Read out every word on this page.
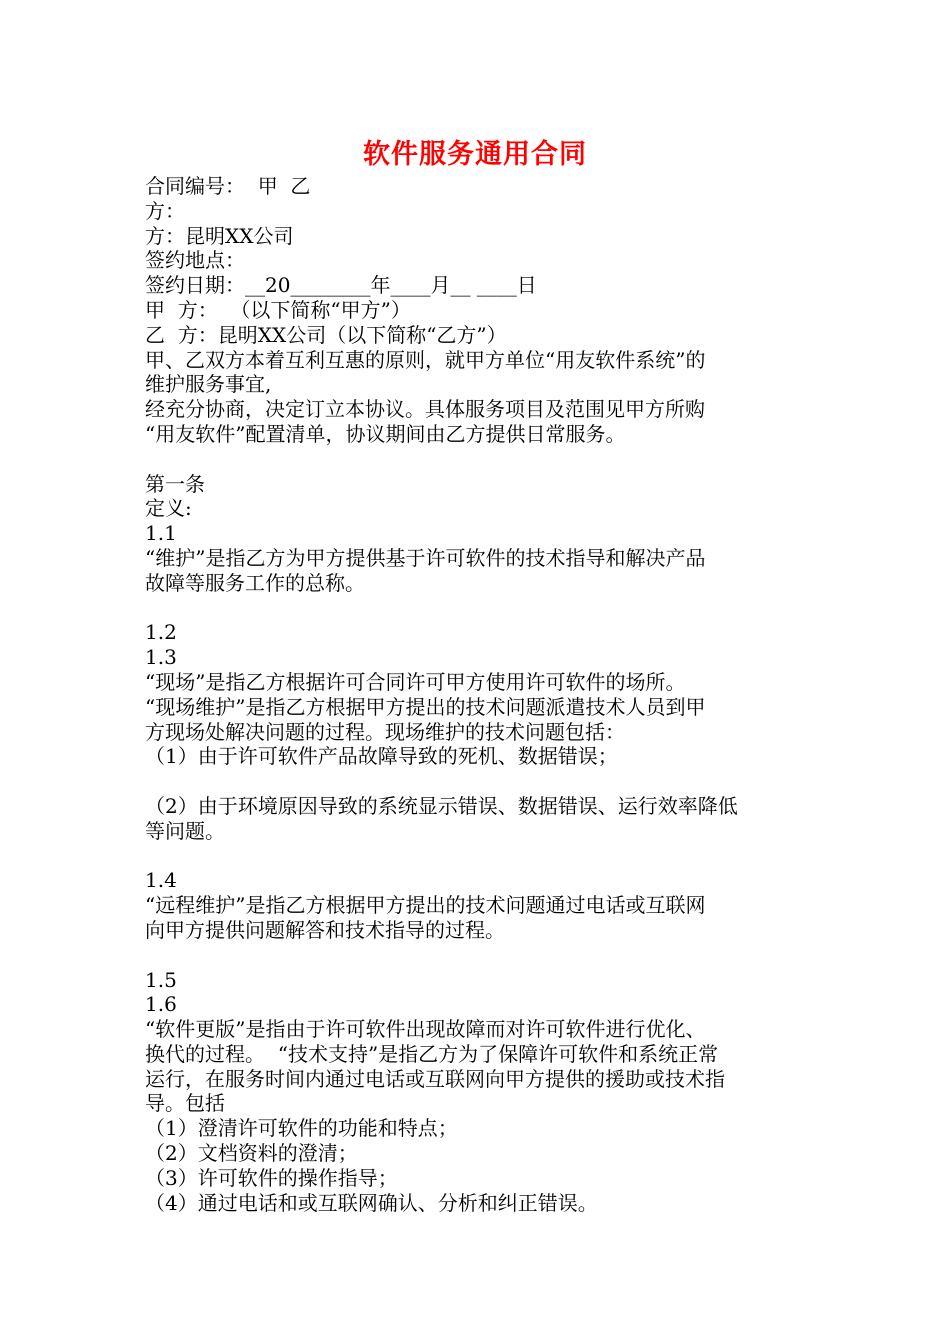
软件服务通用合同
合同编号：  甲  乙
方：
方：昆明XX公司
签约地点：
签约日期：__20________年____月__ ____日
甲  方：  （以下简称“甲方”）
乙  方：昆明XX公司（以下简称“乙方”）
甲、乙双方本着互利互惠的原则，就甲方单位“用友软件系统”的
维护服务事宜,
经充分协商，决定订立本协议。具体服务项目及范围见甲方所购
“用友软件”配置清单，协议期间由乙方提供日常服务。
第一条
定义:
1.1
“维护”是指乙方为甲方提供基于许可软件的技术指导和解决产品
故障等服务工作的总称。
1.2
1.3
“现场”是指乙方根据许可合同许可甲方使用许可软件的场所。
“现场维护”是指乙方根据甲方提出的技术问题派遣技术人员到甲
方现场处解决问题的过程。现场维护的技术问题包括：
（1）由于许可软件产品故障导致的死机、数据错误；
（2）由于环境原因导致的系统显示错误、数据错误、运行效率降低
等问题。
1.4
“远程维护”是指乙方根据甲方提出的技术问题通过电话或互联网
向甲方提供问题解答和技术指导的过程。
1.5
1.6
“软件更版”是指由于许可软件出现故障而对许可软件进行优化、
换代的过程。  “技术支持”是指乙方为了保障许可软件和系统正常
运行，在服务时间内通过电话或互联网向甲方提供的援助或技术指
导。包括
（1）澄清许可软件的功能和特点；
（2）文档资料的澄清；
（3）许可软件的操作指导；
（4）通过电话和或互联网确认、分析和纠正错误。
